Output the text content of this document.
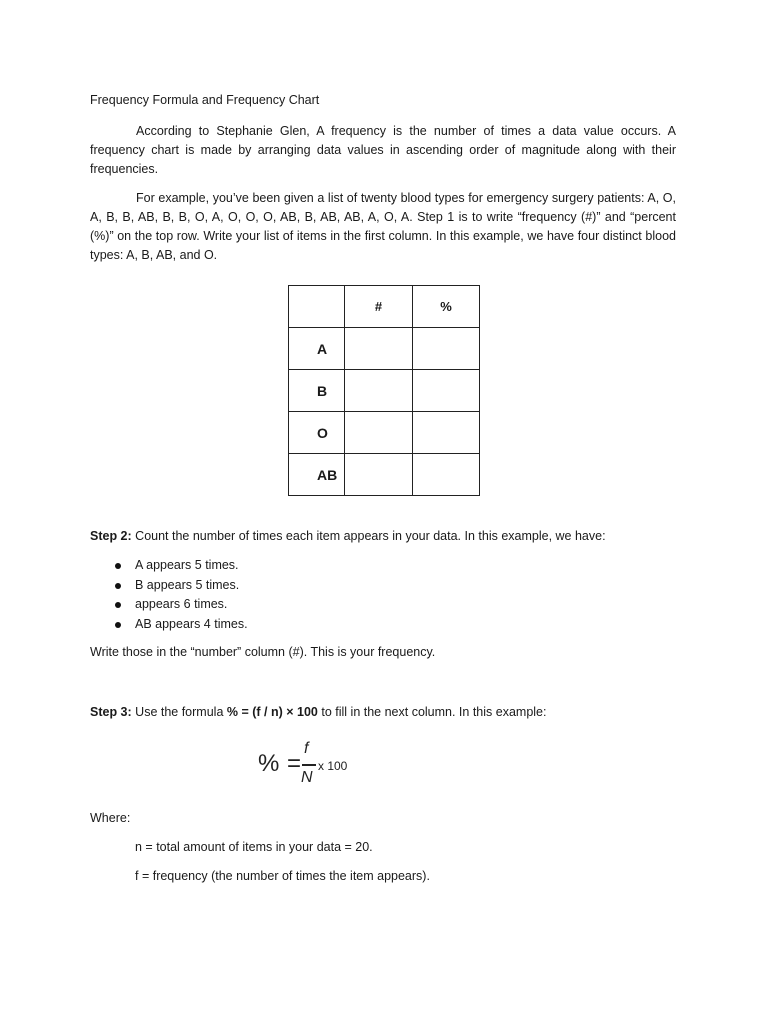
Frequency Formula and Frequency Chart
According to Stephanie Glen, A frequency is the number of times a data value occurs. A frequency chart is made by arranging data values in ascending order of magnitude along with their frequencies.
For example, you’ve been given a list of twenty blood types for emergency surgery patients: A, O, A, B, B, AB, B, B, O, A, O, O, O, AB, B, AB, AB, A, O, A. Step 1 is to write “frequency (#)” and “percent (%)” on the top row. Write your list of items in the first column. In this example, we have four distinct blood types: A, B, AB, and O.
	#	%
A		
B		
O		
AB		
Step 2: Count the number of times each item appears in your data. In this example, we have:
A appears 5 times.
B appears 5 times.
appears 6 times.
AB appears 4 times.
Write those in the “number” column (#). This is your frequency.
Step 3: Use the formula % = (f / n) × 100 to fill in the next column. In this example:
% =
f
N
x 100
Where:
n = total amount of items in your data = 20.
f = frequency (the number of times the item appears).
